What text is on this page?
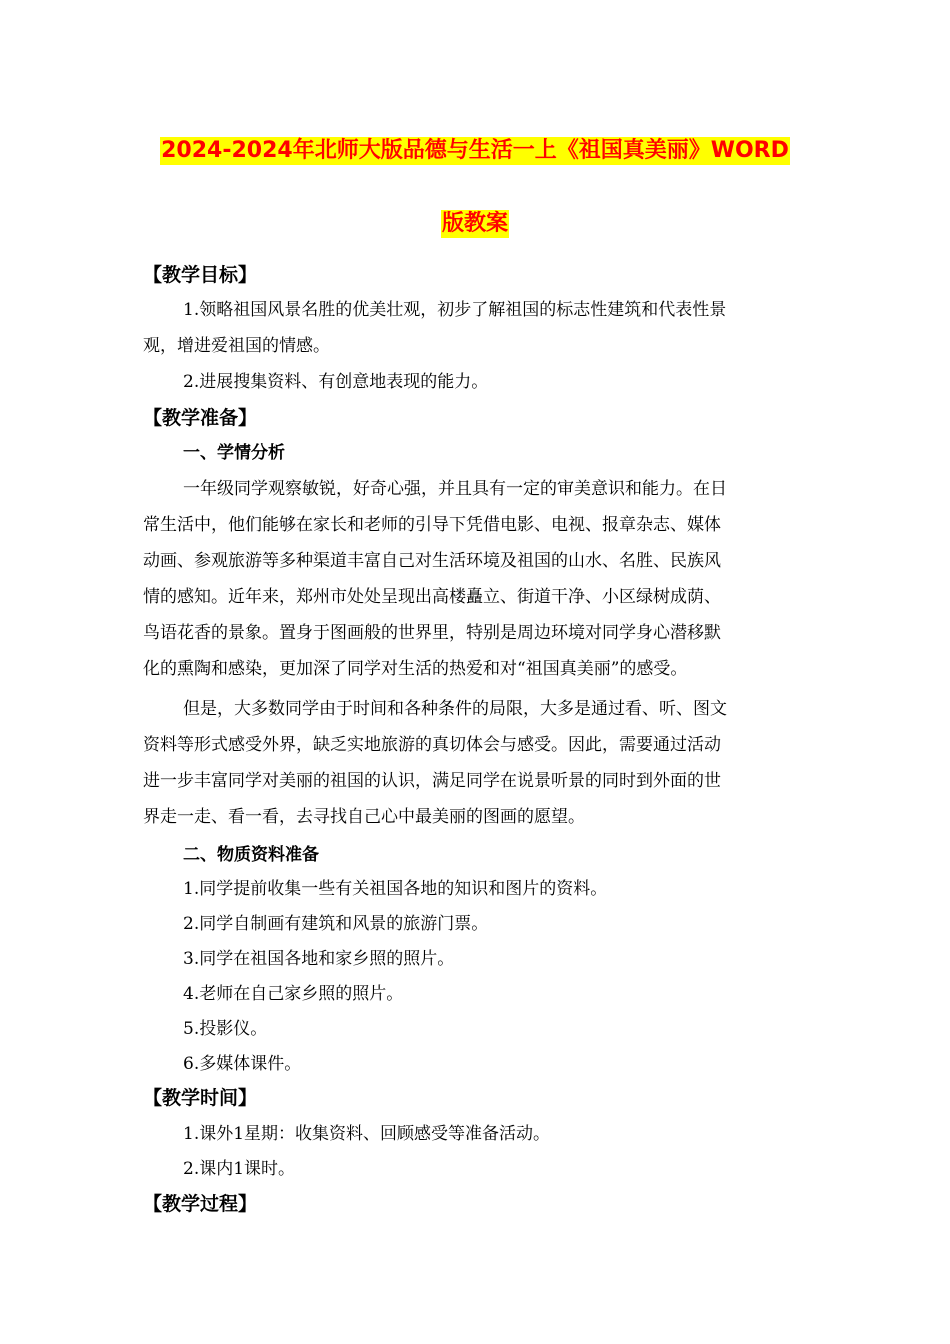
2024-2024年北师大版品德与生活一上《祖国真美丽》WORD
版教案
【教学目标】
1.领略祖国风景名胜的优美壮观，初步了解祖国的标志性建筑和代表性景
观，增进爱祖国的情感。
2.进展搜集资料、有创意地表现的能力。
【教学准备】
一、学情分析
一年级同学观察敏锐，好奇心强，并且具有一定的审美意识和能力。在日
常生活中，他们能够在家长和老师的引导下凭借电影、电视、报章杂志、媒体
动画、参观旅游等多种渠道丰富自己对生活环境及祖国的山水、名胜、民族风
情的感知。近年来，郑州市处处呈现出高楼矗立、街道干净、小区绿树成荫、
鸟语花香的景象。置身于图画般的世界里，特别是周边环境对同学身心潜移默
化的熏陶和感染，更加深了同学对生活的热爱和对“祖国真美丽”的感受。
但是，大多数同学由于时间和各种条件的局限，大多是通过看、听、图文
资料等形式感受外界，缺乏实地旅游的真切体会与感受。因此，需要通过活动
进一步丰富同学对美丽的祖国的认识，满足同学在说景听景的同时到外面的世
界走一走、看一看，去寻找自己心中最美丽的图画的愿望。
二、物质资料准备
1.同学提前收集一些有关祖国各地的知识和图片的资料。
2.同学自制画有建筑和风景的旅游门票。
3.同学在祖国各地和家乡照的照片。
4.老师在自己家乡照的照片。
5.投影仪。
6.多媒体课件。
【教学时间】
1.课外1星期：收集资料、回顾感受等准备活动。
2.课内1课时。
【教学过程】
